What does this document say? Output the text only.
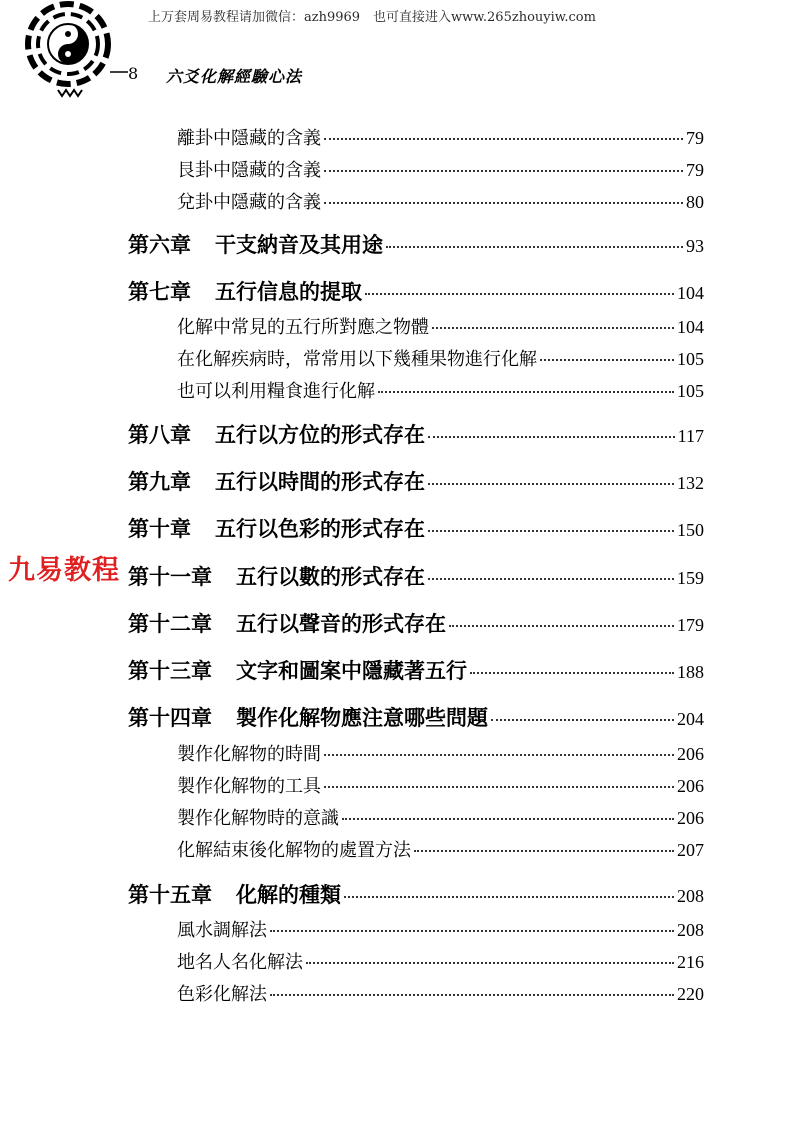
上万套周易教程请加微信：azh9969　也可直接进入www.265zhouyiw.com
8 六爻化解經驗心法
離卦中隱藏的含義	79
艮卦中隱藏的含義	79
兌卦中隱藏的含義	80
第六章 干支納音及其用途	93
第七章 五行信息的提取	104
化解中常見的五行所對應之物體	104
在化解疾病時，常常用以下幾種果物進行化解	105
也可以利用糧食進行化解	105
第八章 五行以方位的形式存在	117
第九章 五行以時間的形式存在	132
第十章 五行以色彩的形式存在	150
第十一章 五行以數的形式存在	159
第十二章 五行以聲音的形式存在	179
第十三章 文字和圖案中隱藏著五行	188
第十四章 製作化解物應注意哪些問題	204
製作化解物的時間	206
製作化解物的工具	206
製作化解物時的意識	206
化解結束後化解物的處置方法	207
第十五章 化解的種類	208
風水調解法	208
地名人名化解法	216
色彩化解法	220
九易教程
